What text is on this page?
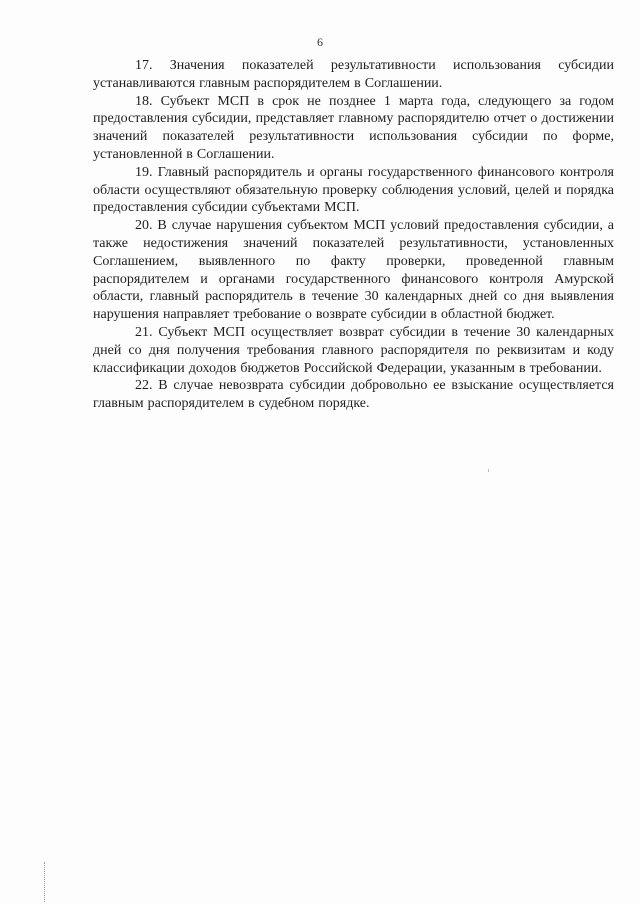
6

17. Значения показателей результативности использования субсидии устанавливаются главным распорядителем в Соглашении.

18. Субъект МСП в срок не позднее 1 марта года, следующего за годом предоставления субсидии, представляет главному распорядителю отчет о достижении значений показателей результативности использования субсидии по форме, установленной в Соглашении.

19. Главный распорядитель и органы государственного финансового контроля области осуществляют обязательную проверку соблюдения условий, целей и порядка предоставления субсидии субъектами МСП.

20. В случае нарушения субъектом МСП условий предоставления субсидии, а также недостижения значений показателей результативности, установленных Соглашением, выявленного по факту проверки, проведенной главным распорядителем и органами государственного финансового контроля Амурской области, главный распорядитель в течение 30 календарных дней со дня выявления нарушения направляет требование о возврате субсидии в областной бюджет.

21. Субъект МСП осуществляет возврат субсидии в течение 30 календарных дней со дня получения требования главного распорядителя по реквизитам и коду классификации доходов бюджетов Российской Федерации, указанным в требовании.

22. В случае невозврата субсидии добровольно ее взыскание осуществляется главным распорядителем в судебном порядке.
